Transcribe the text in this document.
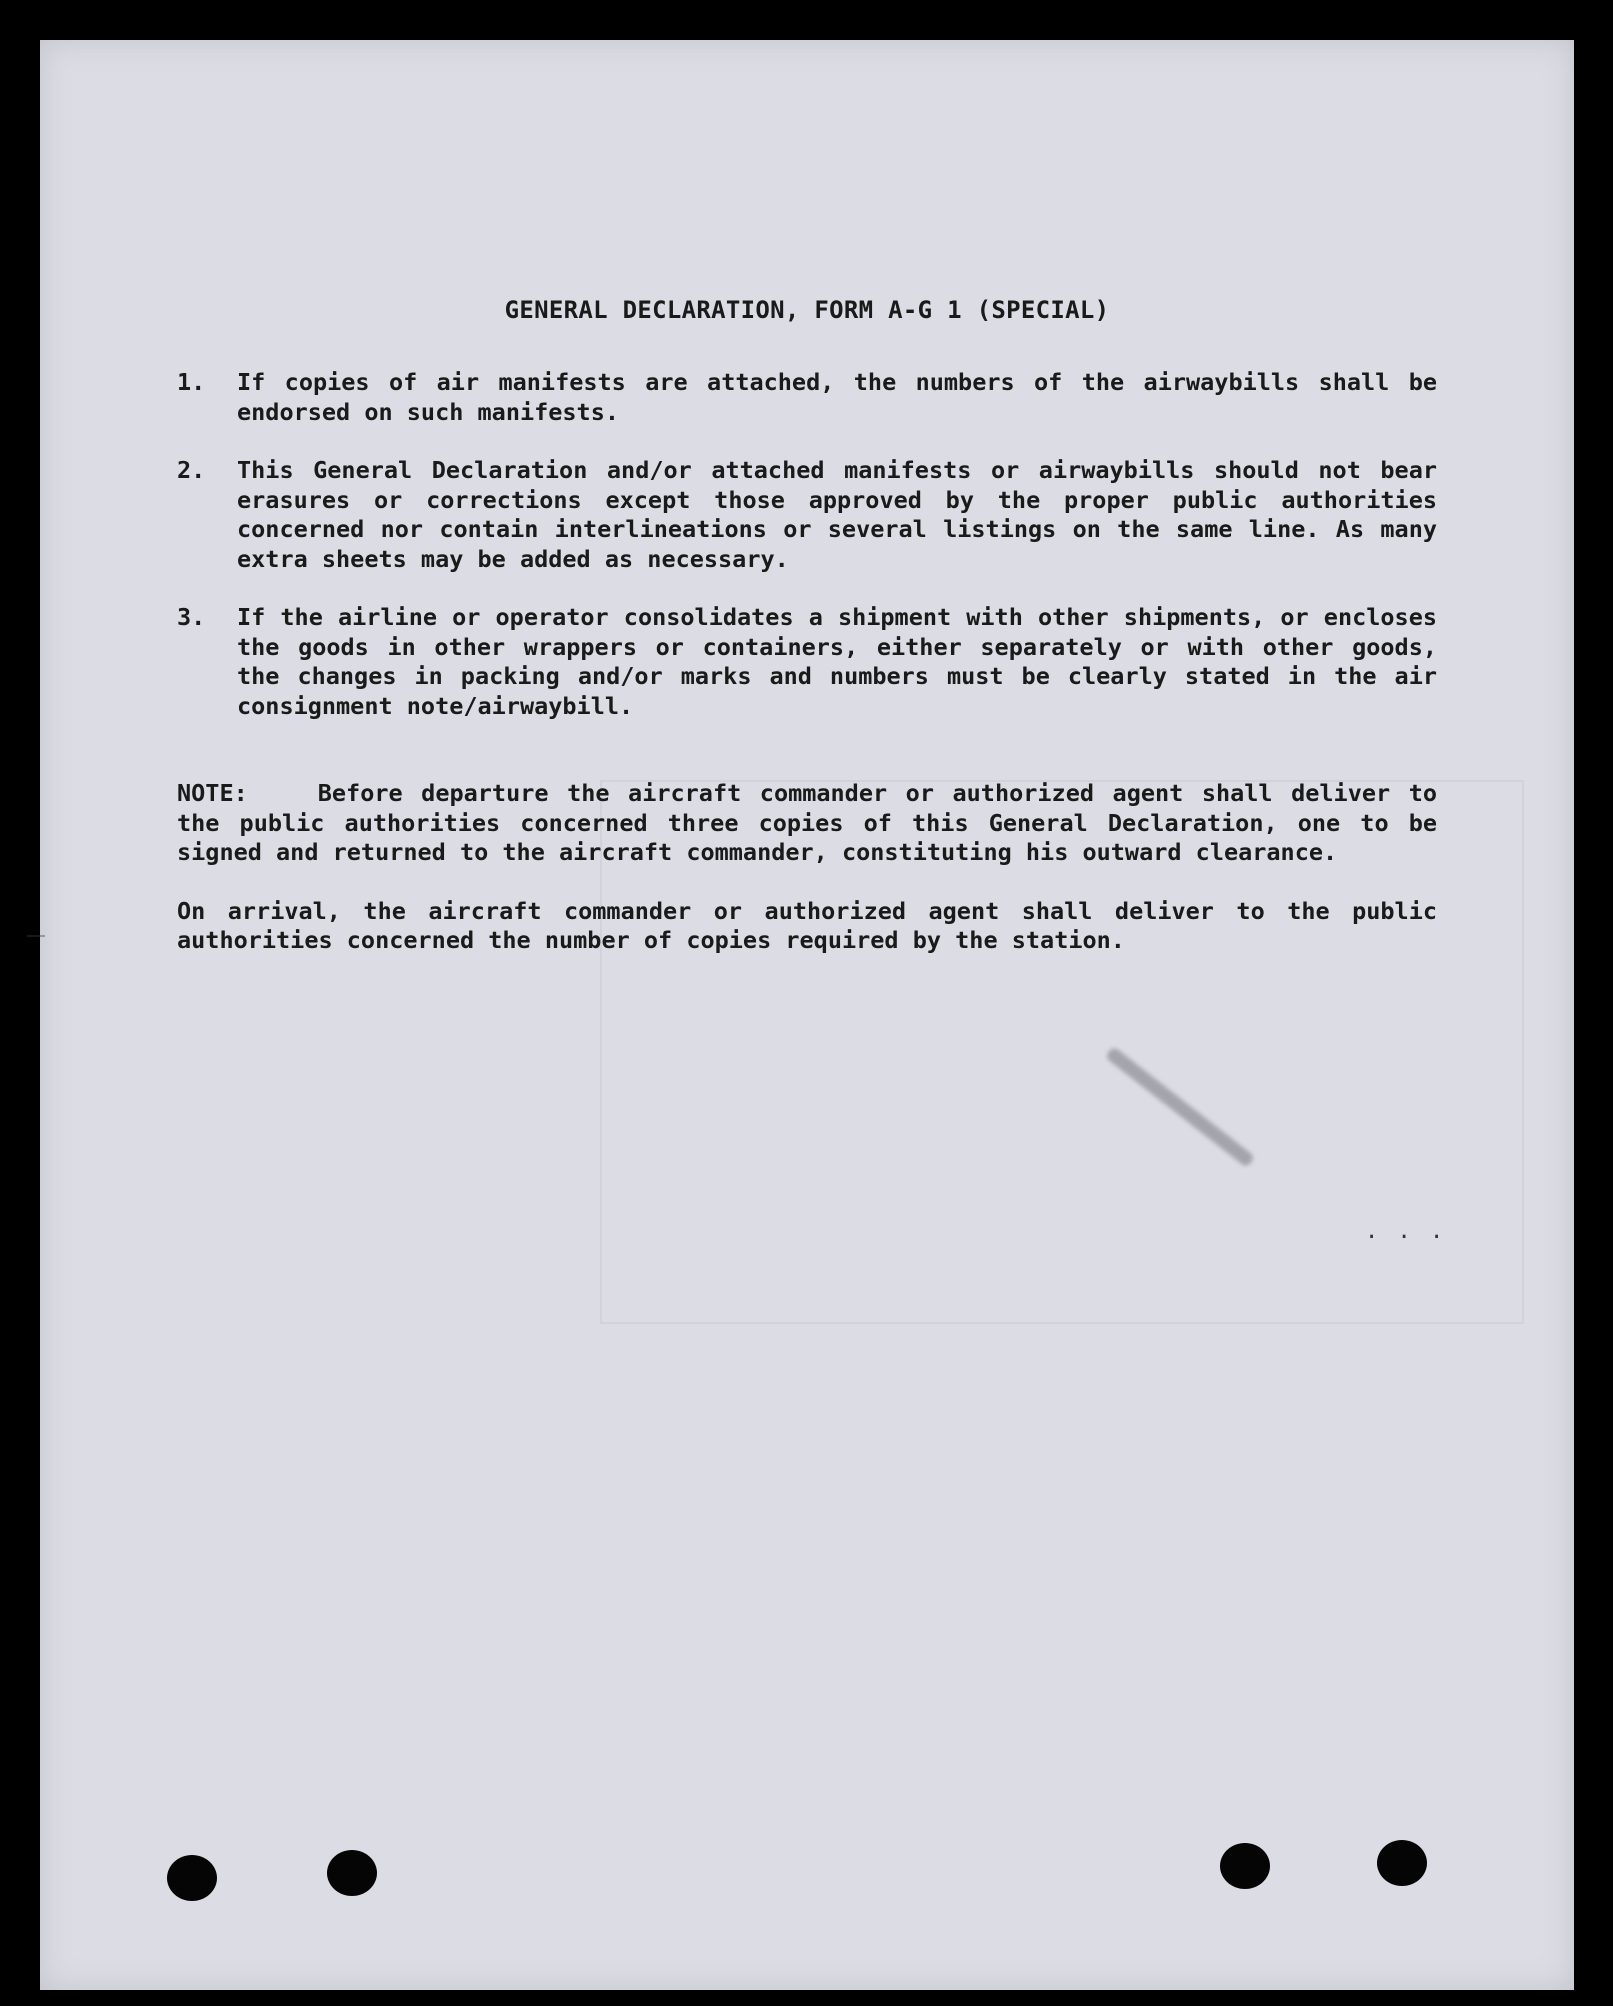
GENERAL DECLARATION, FORM A-G 1 (SPECIAL)
1. If copies of air manifests are attached, the numbers of the airwaybills shall be endorsed on such manifests.
2. This General Declaration and/or attached manifests or airwaybills should not bear erasures or corrections except those approved by the proper public authorities concerned nor contain interlineations or several listings on the same line. As many extra sheets may be added as necessary.
3. If the airline or operator consolidates a shipment with other shipments, or encloses the goods in other wrappers or containers, either separately or with other goods, the changes in packing and/or marks and numbers must be clearly stated in the air consignment note/airwaybill.
NOTE:	Before departure the aircraft commander or authorized agent shall deliver to the public authorities concerned three copies of this General Declaration, one to be signed and returned to the aircraft commander, constituting his outward clearance.
On arrival, the aircraft commander or authorized agent shall deliver to the public authorities concerned the number of copies required by the station.
· · ·
